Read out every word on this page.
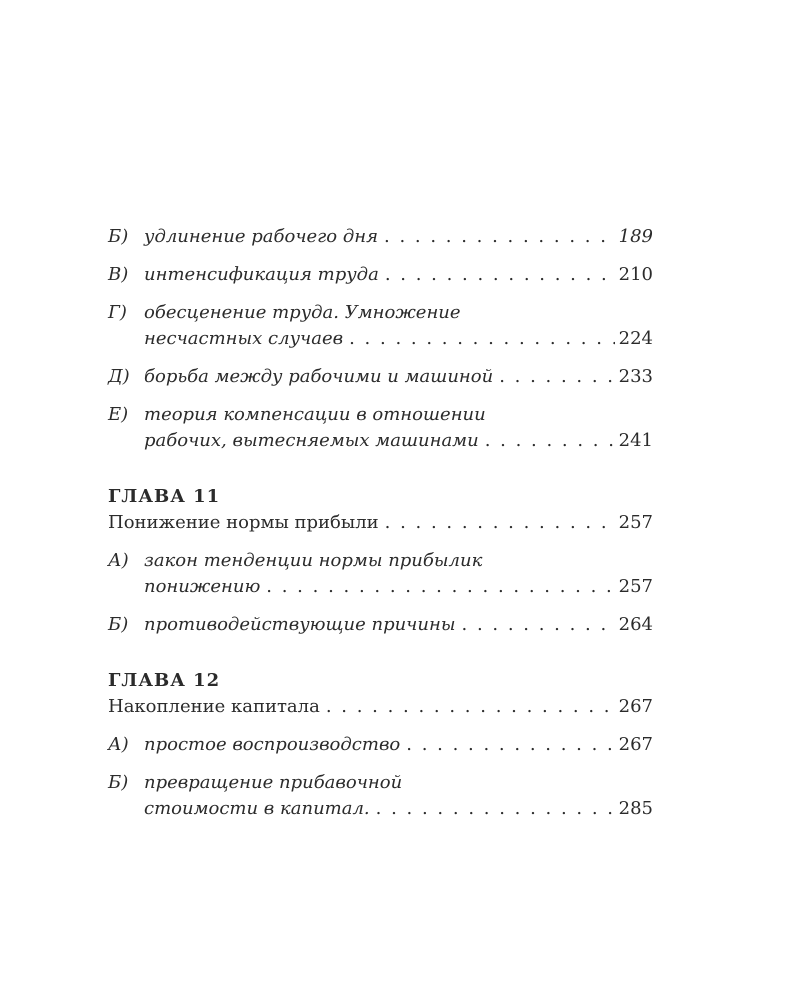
Б) удлинение рабочего дня . . .	189
В) интенсификация труда . . .	210
Г) обесценение труда. Умножение
несчастных случаев . . .	224
Д) борьба между рабочими и машиной . . .	233
Е) теория компенсации в отношении
рабочих, вытесняемых машинами . . .	241
ГЛАВА 11
Понижение нормы прибыли . . .	257
А) закон тенденции нормы прибылик
понижению . . .	257
Б) противодействующие причины . . .	264
ГЛАВА 12
Накопление капитала . . .	267
А) простое воспроизводство . . .	267
Б) превращение прибавочной
стоимости в капитал. . . .	285
